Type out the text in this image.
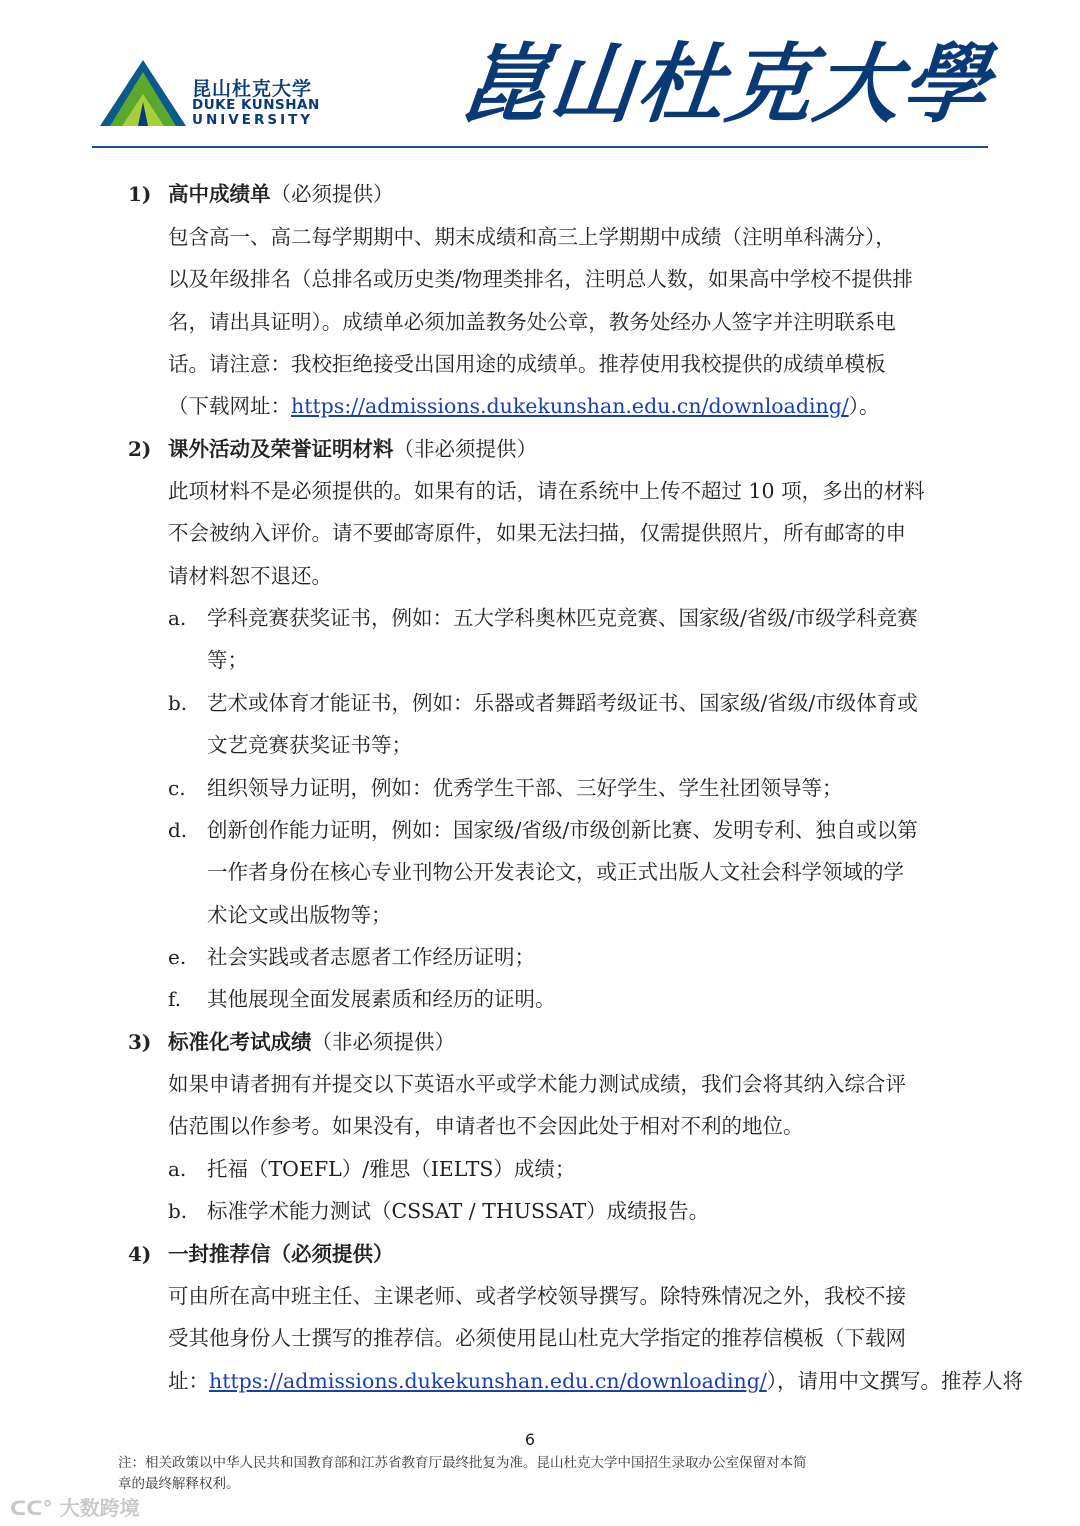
昆山杜克大学
DUKE KUNSHAN
UNIVERSITY 崑山杜克大學
1) 高中成绩单（必须提供）
包含高一、高二每学期期中、期末成绩和高三上学期期中成绩（注明单科满分），
以及年级排名（总排名或历史类/物理类排名，注明总人数，如果高中学校不提供排
名，请出具证明）。成绩单必须加盖教务处公章，教务处经办人签字并注明联系电
话。请注意：我校拒绝接受出国用途的成绩单。推荐使用我校提供的成绩单模板
（下载网址：https://admissions.dukekunshan.edu.cn/downloading/）。
2) 课外活动及荣誉证明材料（非必须提供）
此项材料不是必须提供的。如果有的话，请在系统中上传不超过 10 项，多出的材料
不会被纳入评价。请不要邮寄原件，如果无法扫描，仅需提供照片，所有邮寄的申
请材料恕不退还。
a. 学科竞赛获奖证书，例如：五大学科奥林匹克竞赛、国家级/省级/市级学科竞赛
等；
b. 艺术或体育才能证书，例如：乐器或者舞蹈考级证书、国家级/省级/市级体育或
文艺竞赛获奖证书等；
c. 组织领导力证明，例如：优秀学生干部、三好学生、学生社团领导等；
d. 创新创作能力证明，例如：国家级/省级/市级创新比赛、发明专利、独自或以第
一作者身份在核心专业刊物公开发表论文，或正式出版人文社会科学领域的学
术论文或出版物等；
e. 社会实践或者志愿者工作经历证明；
f. 其他展现全面发展素质和经历的证明。
3) 标准化考试成绩（非必须提供）
如果申请者拥有并提交以下英语水平或学术能力测试成绩，我们会将其纳入综合评
估范围以作参考。如果没有，申请者也不会因此处于相对不利的地位。
a. 托福（TOEFL）/雅思（IELTS）成绩；
b. 标准学术能力测试（CSSAT / THUSSAT）成绩报告。
4) 一封推荐信（必须提供）
可由所在高中班主任、主课老师、或者学校领导撰写。除特殊情况之外，我校不接
受其他身份人士撰写的推荐信。必须使用昆山杜克大学指定的推荐信模板（下载网
址：https://admissions.dukekunshan.edu.cn/downloading/），请用中文撰写。推荐人将
6
注：相关政策以中华人民共和国教育部和江苏省教育厅最终批复为准。昆山杜克大学中国招生录取办公室保留对本简
章的最终解释权利。
ᑕᑕ° 大数跨境
